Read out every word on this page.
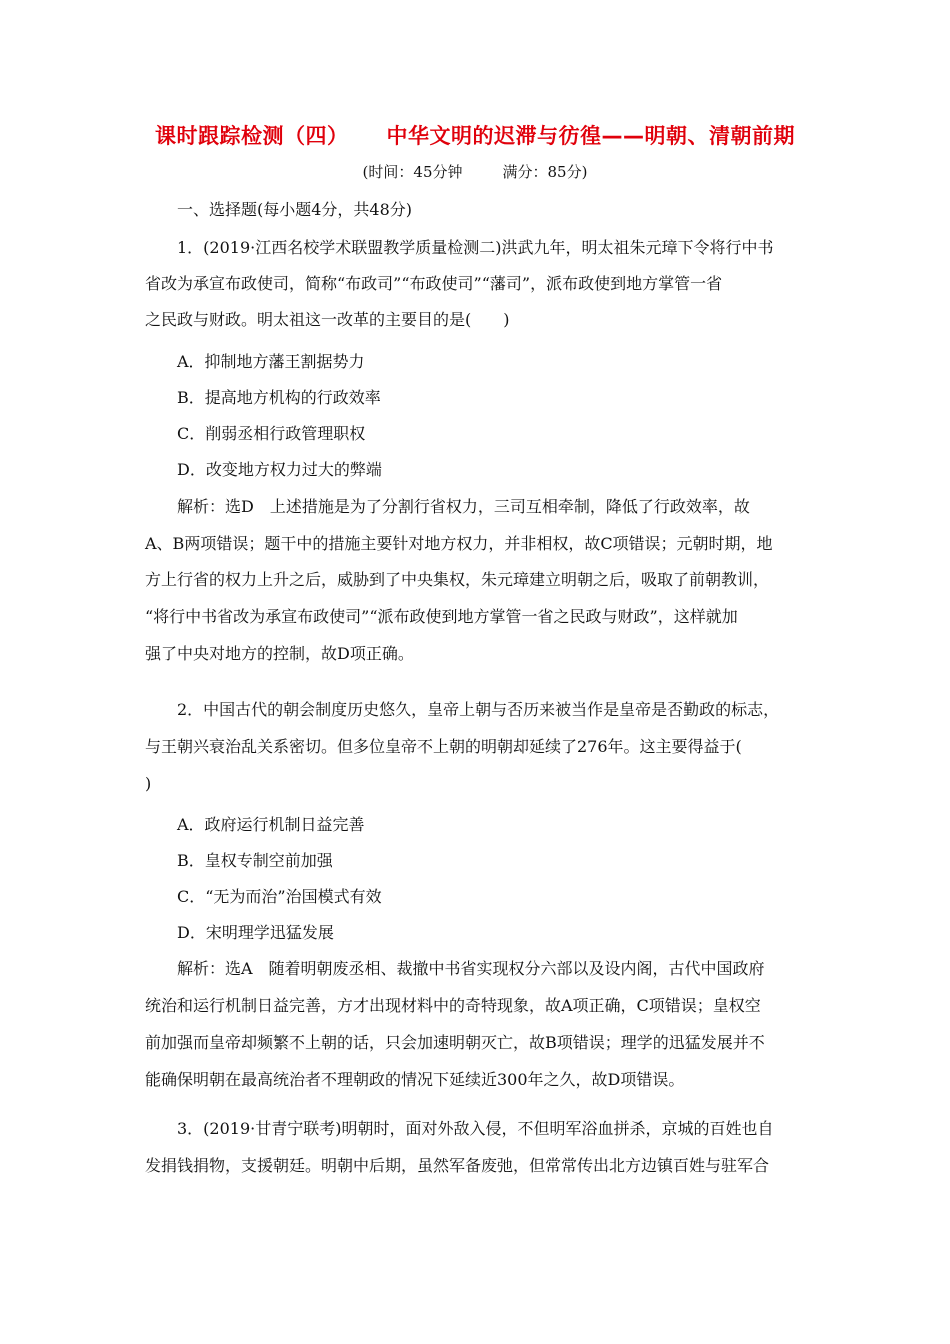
课时跟踪检测（四） 中华文明的迟滞与彷徨——明朝、清朝前期
(时间：45分钟	满分：85分)
一、选择题(每小题4分，共48分)
1．(2019·江西名校学术联盟教学质量检测二)洪武九年，明太祖朱元璋下令将行中书
省改为承宣布政使司，简称“布政司”“布政使司”“藩司”，派布政使到地方掌管一省
之民政与财政。明太祖这一改革的主要目的是(　　)
A．抑制地方藩王割据势力
B．提高地方机构的行政效率
C．削弱丞相行政管理职权
D．改变地方权力过大的弊端
解析：选D　上述措施是为了分割行省权力，三司互相牵制，降低了行政效率，故
A、B两项错误；题干中的措施主要针对地方权力，并非相权，故C项错误；元朝时期，地
方上行省的权力上升之后，威胁到了中央集权，朱元璋建立明朝之后，吸取了前朝教训，
“将行中书省改为承宣布政使司”“派布政使到地方掌管一省之民政与财政”，这样就加
强了中央对地方的控制，故D项正确。
2．中国古代的朝会制度历史悠久，皇帝上朝与否历来被当作是皇帝是否勤政的标志，
与王朝兴衰治乱关系密切。但多位皇帝不上朝的明朝却延续了276年。这主要得益于(
)
A．政府运行机制日益完善
B．皇权专制空前加强
C．“无为而治”治国模式有效
D．宋明理学迅猛发展
解析：选A　随着明朝废丞相、裁撤中书省实现权分六部以及设内阁，古代中国政府
统治和运行机制日益完善，方才出现材料中的奇特现象，故A项正确，C项错误；皇权空
前加强而皇帝却频繁不上朝的话，只会加速明朝灭亡，故B项错误；理学的迅猛发展并不
能确保明朝在最高统治者不理朝政的情况下延续近300年之久，故D项错误。
3．(2019·甘青宁联考)明朝时，面对外敌入侵，不但明军浴血拼杀，京城的百姓也自
发捐钱捐物，支援朝廷。明朝中后期，虽然军备废弛，但常常传出北方边镇百姓与驻军合
